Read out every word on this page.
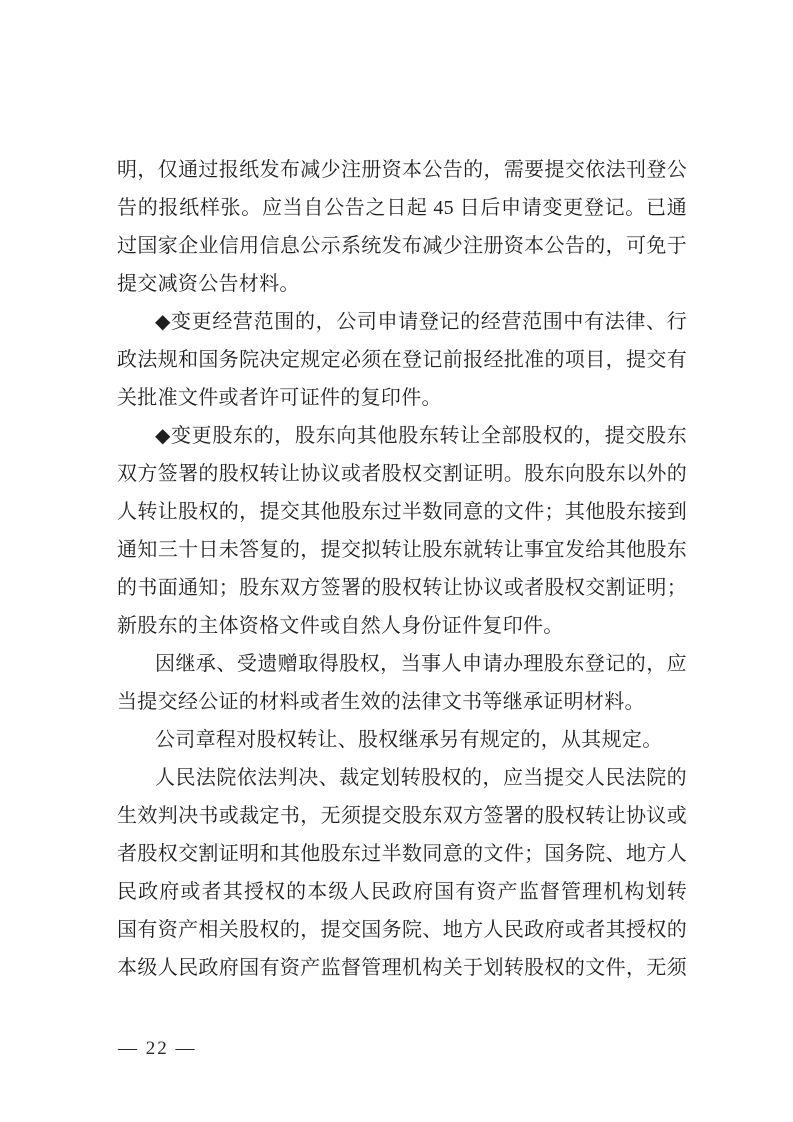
明，仅通过报纸发布减少注册资本公告的，需要提交依法刊登公
告的报纸样张。应当自公告之日起 45 日后申请变更登记。已通
过国家企业信用信息公示系统发布减少注册资本公告的，可免于
提交减资公告材料。
◆变更经营范围的，公司申请登记的经营范围中有法律、行
政法规和国务院决定规定必须在登记前报经批准的项目，提交有
关批准文件或者许可证件的复印件。
◆变更股东的，股东向其他股东转让全部股权的，提交股东
双方签署的股权转让协议或者股权交割证明。股东向股东以外的
人转让股权的，提交其他股东过半数同意的文件；其他股东接到
通知三十日未答复的，提交拟转让股东就转让事宜发给其他股东
的书面通知；股东双方签署的股权转让协议或者股权交割证明；
新股东的主体资格文件或自然人身份证件复印件。
因继承、受遗赠取得股权，当事人申请办理股东登记的，应
当提交经公证的材料或者生效的法律文书等继承证明材料。
公司章程对股权转让、股权继承另有规定的，从其规定。
人民法院依法判决、裁定划转股权的，应当提交人民法院的
生效判决书或裁定书，无须提交股东双方签署的股权转让协议或
者股权交割证明和其他股东过半数同意的文件；国务院、地方人
民政府或者其授权的本级人民政府国有资产监督管理机构划转
国有资产相关股权的，提交国务院、地方人民政府或者其授权的
本级人民政府国有资产监督管理机构关于划转股权的文件，无须
— 22 —
